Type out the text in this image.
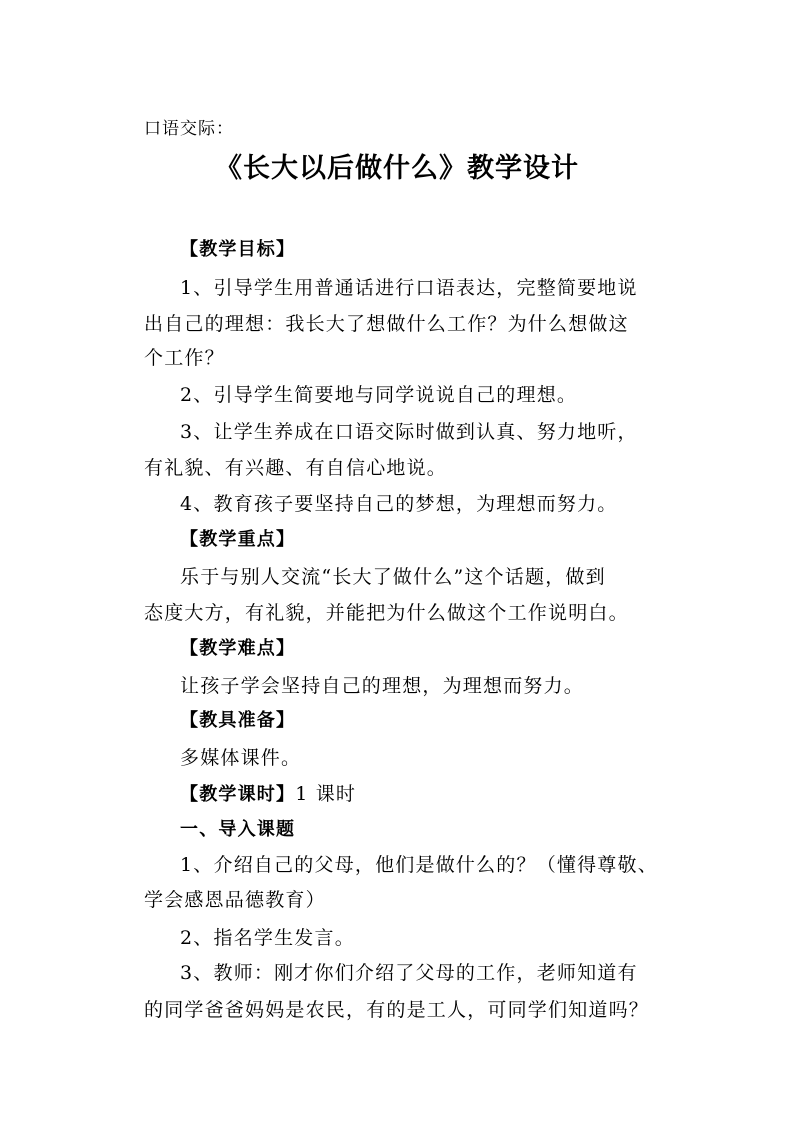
口语交际：
《长大以后做什么》教学设计
【教学目标】
1、引导学生用普通话进行口语表达，完整简要地说
出自己的理想：我长大了想做什么工作？为什么想做这
个工作？
2、引导学生简要地与同学说说自己的理想。
3、让学生养成在口语交际时做到认真、努力地听，
有礼貌、有兴趣、有自信心地说。
4、教育孩子要坚持自己的梦想，为理想而努力。
【教学重点】
乐于与别人交流“长大了做什么”这个话题，做到
态度大方，有礼貌，并能把为什么做这个工作说明白。
【教学难点】
让孩子学会坚持自己的理想，为理想而努力。
【教具准备】
多媒体课件。
【教学课时】1 课时
一、导入课题
1、介绍自己的父母，他们是做什么的？（懂得尊敬、
学会感恩品德教育）
2、指名学生发言。
3、教师：刚才你们介绍了父母的工作，老师知道有
的同学爸爸妈妈是农民，有的是工人，可同学们知道吗？
